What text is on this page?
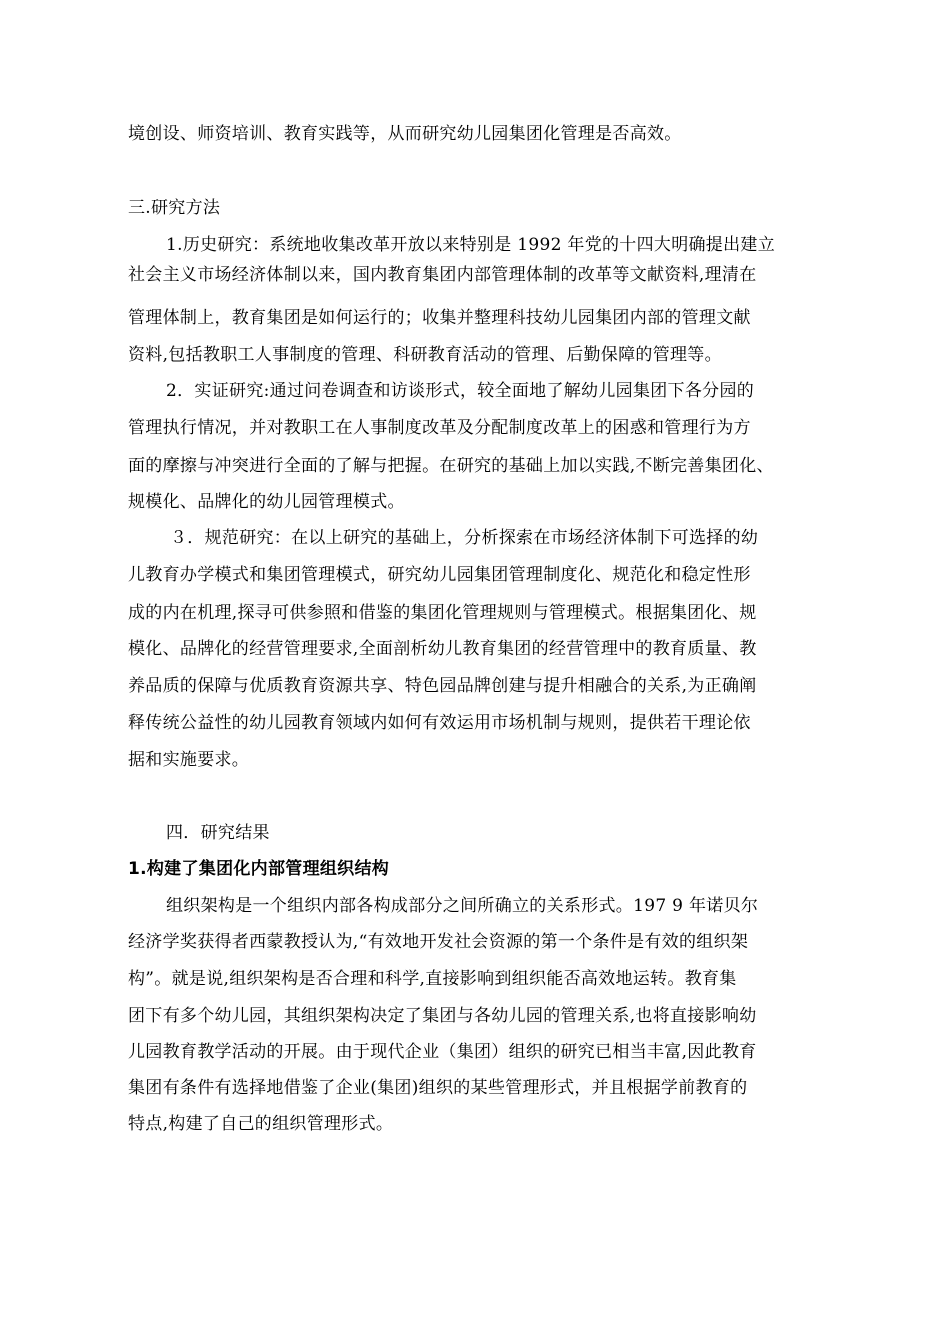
境创设、师资培训、教育实践等，从而研究幼儿园集团化管理是否高效。
三.研究方法
1.历史研究：系统地收集改革开放以来特别是 1992 年党的十四大明确提出建立
社会主义市场经济体制以来，国内教育集团内部管理体制的改革等文献资料,理清在
管理体制上，教育集团是如何运行的；收集并整理科技幼儿园集团内部的管理文献
资料,包括教职工人事制度的管理、科研教育活动的管理、后勤保障的管理等。
2．实证研究:通过问卷调查和访谈形式，较全面地了解幼儿园集团下各分园的
管理执行情况，并对教职工在人事制度改革及分配制度改革上的困惑和管理行为方
面的摩擦与冲突进行全面的了解与把握。在研究的基础上加以实践,不断完善集团化、
规模化、品牌化的幼儿园管理模式。
３．规范研究：在以上研究的基础上，分析探索在市场经济体制下可选择的幼
儿教育办学模式和集团管理模式，研究幼儿园集团管理制度化、规范化和稳定性形
成的内在机理,探寻可供参照和借鉴的集团化管理规则与管理模式。根据集团化、规
模化、品牌化的经营管理要求,全面剖析幼儿教育集团的经营管理中的教育质量、教
养品质的保障与优质教育资源共享、特色园品牌创建与提升相融合的关系,为正确阐
释传统公益性的幼儿园教育领域内如何有效运用市场机制与规则，提供若干理论依
据和实施要求。
四．研究结果
1.构建了集团化内部管理组织结构
组织架构是一个组织内部各构成部分之间所确立的关系形式。197 9 年诺贝尔
经济学奖获得者西蒙教授认为,“有效地开发社会资源的第一个条件是有效的组织架
构”。就是说,组织架构是否合理和科学,直接影响到组织能否高效地运转。教育集
团下有多个幼儿园，其组织架构决定了集团与各幼儿园的管理关系,也将直接影响幼
儿园教育教学活动的开展。由于现代企业（集团）组织的研究已相当丰富,因此教育
集团有条件有选择地借鉴了企业(集团)组织的某些管理形式，并且根据学前教育的
特点,构建了自己的组织管理形式。
